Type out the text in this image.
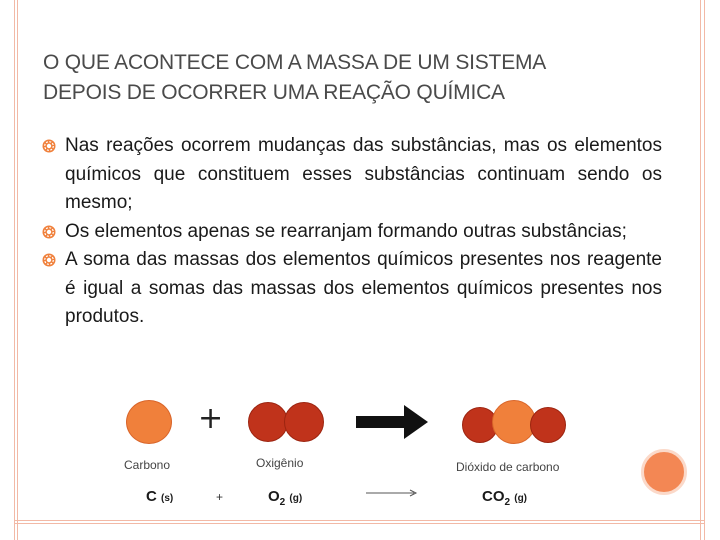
O QUE ACONTECE COM A MASSA DE UM SISTEMA
DEPOIS DE OCORRER UMA REAÇÃO QUÍMICA
Nas reações ocorrem mudanças das substâncias, mas os elementos químicos que constituem esses substâncias continuam sendo os mesmo;
Os elementos apenas se rearranjam formando outras substâncias;
A soma das massas dos elementos químicos presentes nos reagente é igual a somas das massas dos elementos químicos presentes nos produtos.
+
Carbono	Oxigênio	Dióxido de carbono
C (s)	+	$O_2$ (g)	$CO_2$ (g)
